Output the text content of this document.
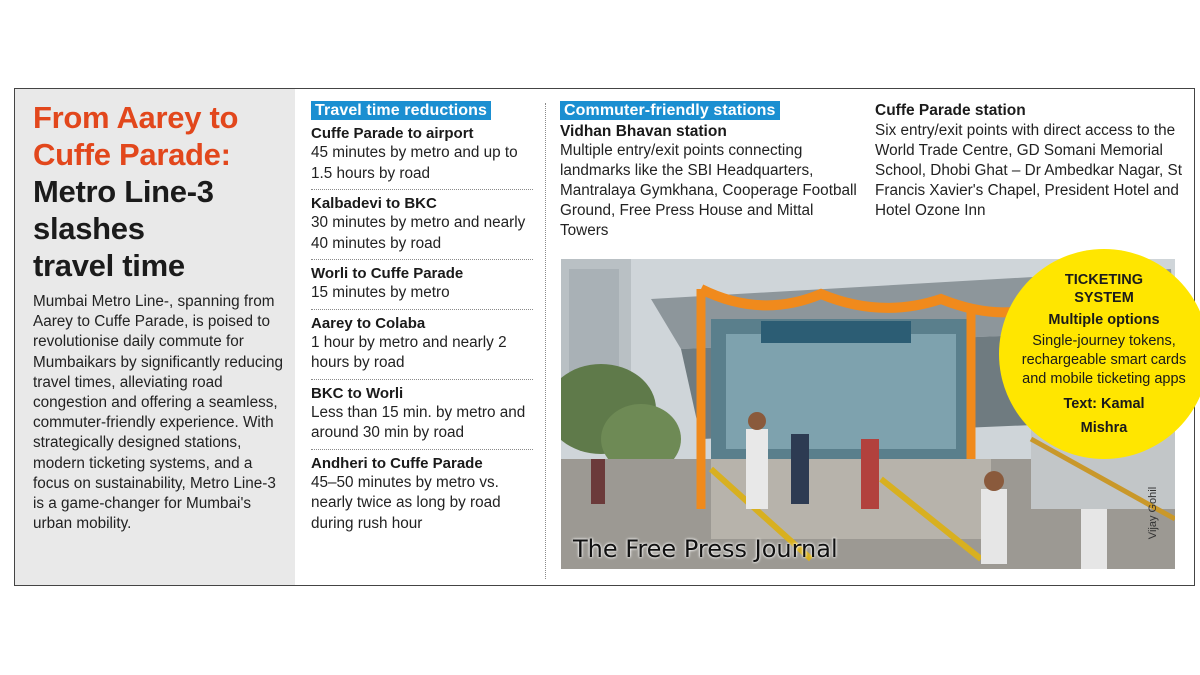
From Aarey to
Cuffe Parade:
Metro Line-3
slashes
travel time

Mumbai Metro Line-, spanning from Aarey to Cuffe Parade, is poised to revolutionise daily commute for Mumbaikars by significantly reducing travel times, alleviating road congestion and offering a seamless, commuter-friendly experience. With strategically designed stations, modern ticketing systems, and a focus on sustainability, Metro Line-3 is a game-changer for Mumbai's urban mobility.

Travel time reductions
Cuffe Parade to airport
45 minutes by metro and up to 1.5 hours by road
Kalbadevi to BKC
30 minutes by metro and nearly 40 minutes by road
Worli to Cuffe Parade
15 minutes by metro
Aarey to Colaba
1 hour by metro and nearly 2 hours by road
BKC to Worli
Less than 15 min. by metro and around 30 min by road
Andheri to Cuffe Parade
45–50 minutes by metro vs. nearly twice as long by road during rush hour
Commuter-friendly stations
Vidhan Bhavan station
Multiple entry/exit points connecting landmarks like the SBI Headquarters, Mantralaya Gymkhana, Cooperage Football Ground, Free Press House and Mittal Towers
Cuffe Parade station
Six entry/exit points with direct access to the World Trade Centre, GD Somani Memorial School, Dhobi Ghat – Dr Ambedkar Nagar, St Francis Xavier's Chapel, President Hotel and Hotel Ozone Inn
The Free Press Journal
Vijay Gohil
TICKETING
SYSTEM
Multiple options
Single-journey tokens, rechargeable smart cards and mobile ticketing apps
Text: Kamal
Mishra
